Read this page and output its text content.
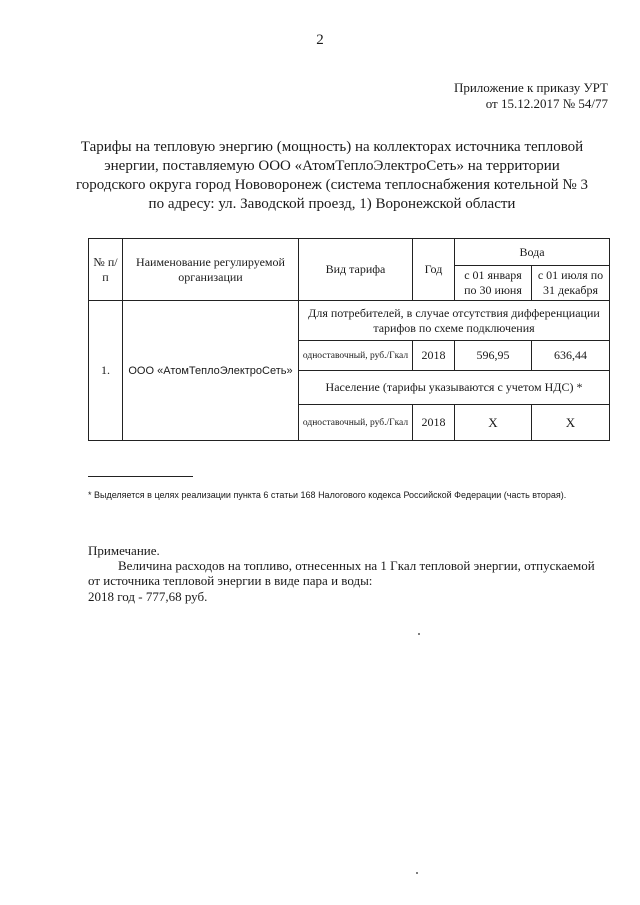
2
Приложение к приказу УРТ
от 15.12.2017 № 54/77
Тарифы на тепловую энергию (мощность) на коллекторах источника тепловой энергии, поставляемую ООО «АтомТеплоЭлектроСеть» на территории городского округа город Нововоронеж (система теплоснабжения котельной № 3 по адресу: ул. Заводской проезд, 1) Воронежской области
№ п/п	Наименование регулируемой организации	Вид тарифа	Год	Вода	
				с 01 января по 30 июня	с 01 июля по 31 декабря
1.	ООО «АтомТеплоЭлектроСеть»	Для потребителей, в случае отсутствия дифференциации тарифов по схеме подключения			
		одноставочный, руб./Гкал	2018	596,95	636,44
		Население (тарифы указываются с учетом НДС) *			
		одноставочный, руб./Гкал	2018	Х	Х
* Выделяется в целях реализации пункта 6 статьи 168 Налогового кодекса Российской Федерации (часть вторая).
Примечание.
Величина расходов на топливо, отнесенных на 1 Гкал тепловой энергии, отпускаемой
от источника тепловой энергии в виде пара и воды:
2018 год - 777,68 руб.
